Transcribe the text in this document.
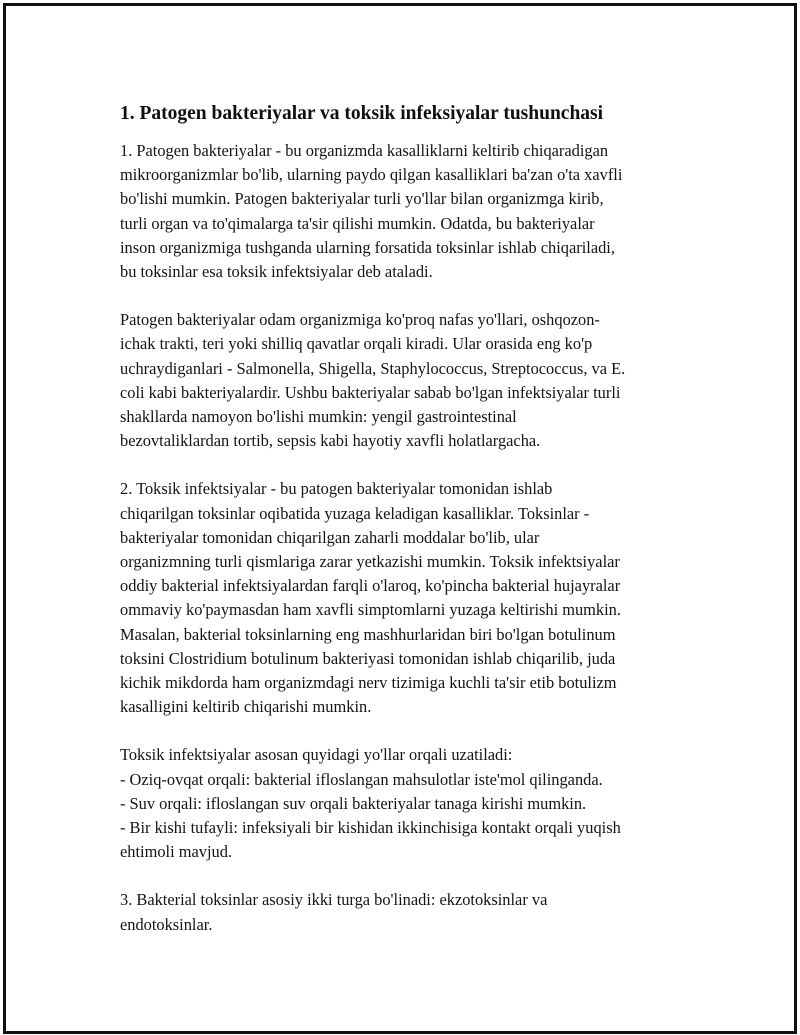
1. Patogen bakteriyalar va toksik infeksiyalar tushunchasi

1. Patogen bakteriyalar - bu organizmda kasalliklarni keltirib chiqaradigan
mikroorganizmlar bo'lib, ularning paydo qilgan kasalliklari ba'zan o'ta xavfli
bo'lishi mumkin. Patogen bakteriyalar turli yo'llar bilan organizmga kirib,
turli organ va to'qimalarga ta'sir qilishi mumkin. Odatda, bu bakteriyalar
inson organizmiga tushganda ularning forsatida toksinlar ishlab chiqariladi,
bu toksinlar esa toksik infektsiyalar deb ataladi.

Patogen bakteriyalar odam organizmiga ko'proq nafas yo'llari, oshqozon-
ichak trakti, teri yoki shilliq qavatlar orqali kiradi. Ular orasida eng ko'p
uchraydiganlari - Salmonella, Shigella, Staphylococcus, Streptococcus, va E.
coli kabi bakteriyalardir. Ushbu bakteriyalar sabab bo'lgan infektsiyalar turli
shakllarda namoyon bo'lishi mumkin: yengil gastrointestinal
bezovtaliklardan tortib, sepsis kabi hayotiy xavfli holatlargacha.

2. Toksik infektsiyalar - bu patogen bakteriyalar tomonidan ishlab
chiqarilgan toksinlar oqibatida yuzaga keladigan kasalliklar. Toksinlar -
bakteriyalar tomonidan chiqarilgan zaharli moddalar bo'lib, ular
organizmning turli qismlariga zarar yetkazishi mumkin. Toksik infektsiyalar
oddiy bakterial infektsiyalardan farqli o'laroq, ko'pincha bakterial hujayralar
ommaviy ko'paymasdan ham xavfli simptomlarni yuzaga keltirishi mumkin.
Masalan, bakterial toksinlarning eng mashhurlaridan biri bo'lgan botulinum
toksini Clostridium botulinum bakteriyasi tomonidan ishlab chiqarilib, juda
kichik mikdorda ham organizmdagi nerv tizimiga kuchli ta'sir etib botulizm
kasalligini keltirib chiqarishi mumkin.

Toksik infektsiyalar asosan quyidagi yo'llar orqali uzatiladi:
- Oziq-ovqat orqali: bakterial ifloslangan mahsulotlar iste'mol qilinganda.
- Suv orqali: ifloslangan suv orqali bakteriyalar tanaga kirishi mumkin.
- Bir kishi tufayli: infeksiyali bir kishidan ikkinchisiga kontakt orqali yuqish
ehtimoli mavjud.

3. Bakterial toksinlar asosiy ikki turga bo'linadi: ekzotoksinlar va
endotoksinlar.
